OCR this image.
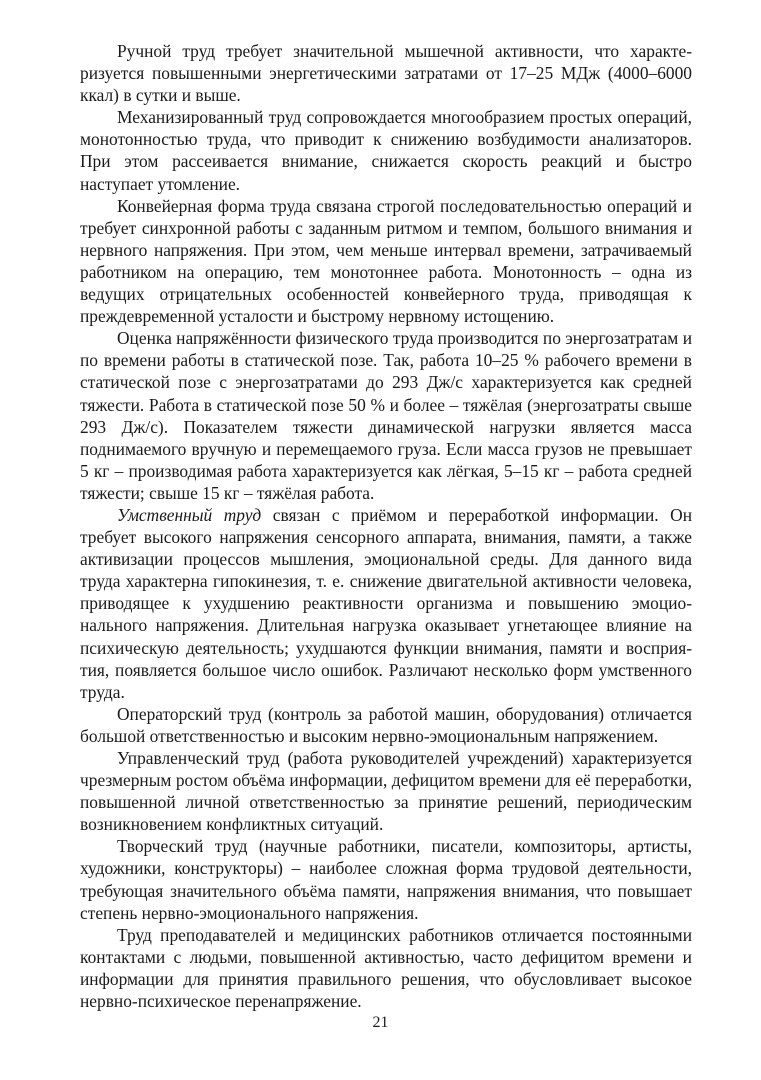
Ручной труд требует значительной мышечной активности, что характеризуется повышенными энергетическими затратами от 17–25 МДж (4000–6000 ккал) в сутки и выше.

Механизированный труд сопровождается многообразием простых операций, монотонностью труда, что приводит к снижению возбудимости анализаторов. При этом рассеивается внимание, снижается скорость реакций и быстро наступает утомление.

Конвейерная форма труда связана строгой последовательностью операций и требует синхронной работы с заданным ритмом и темпом, большого внимания и нервного напряжения. При этом, чем меньше интервал времени, затрачиваемый работником на операцию, тем монотоннее работа. Монотонность – одна из ведущих отрицательных особенностей конвейерного труда, приводящая к преждевременной усталости и быстрому нервному истощению.

Оценка напряжённости физического труда производится по энергозатратам и по времени работы в статической позе. Так, работа 10–25 % рабочего времени в статической позе с энергозатратами до 293 Дж/с характеризуется как средней тяжести. Работа в статической позе 50 % и более – тяжёлая (энергозатраты свыше 293 Дж/с). Показателем тяжести динамической нагрузки является масса поднимаемого вручную и перемещаемого груза. Если масса грузов не превышает 5 кг – производимая работа характеризуется как лёгкая, 5–15 кг – работа средней тяжести; свыше 15 кг – тяжёлая работа.

Умственный труд связан с приёмом и переработкой информации. Он требует высокого напряжения сенсорного аппарата, внимания, памяти, а также активизации процессов мышления, эмоциональной среды. Для данного вида труда характерна гипокинезия, т. е. снижение двигательной активности человека, приводящее к ухудшению реактивности организма и повышению эмоционального напряжения. Длительная нагрузка оказывает угнетающее влияние на психическую деятельность; ухудшаются функции внимания, памяти и восприятия, появляется большое число ошибок. Различают несколько форм умственного труда.

Операторский труд (контроль за работой машин, оборудования) отличается большой ответственностью и высоким нервно-эмоциональным напряжением.

Управленческий труд (работа руководителей учреждений) характеризуется чрезмерным ростом объёма информации, дефицитом времени для её переработки, повышенной личной ответственностью за принятие решений, периодическим возникновением конфликтных ситуаций.

Творческий труд (научные работники, писатели, композиторы, артисты, художники, конструкторы) – наиболее сложная форма трудовой деятельности, требующая значительного объёма памяти, напряжения внимания, что повышает степень нервно-эмоционального напряжения.

Труд преподавателей и медицинских работников отличается постоянными контактами с людьми, повышенной активностью, часто дефицитом времени и информации для принятия правильного решения, что обусловливает высокое нервно-психическое перенапряжение.

21
